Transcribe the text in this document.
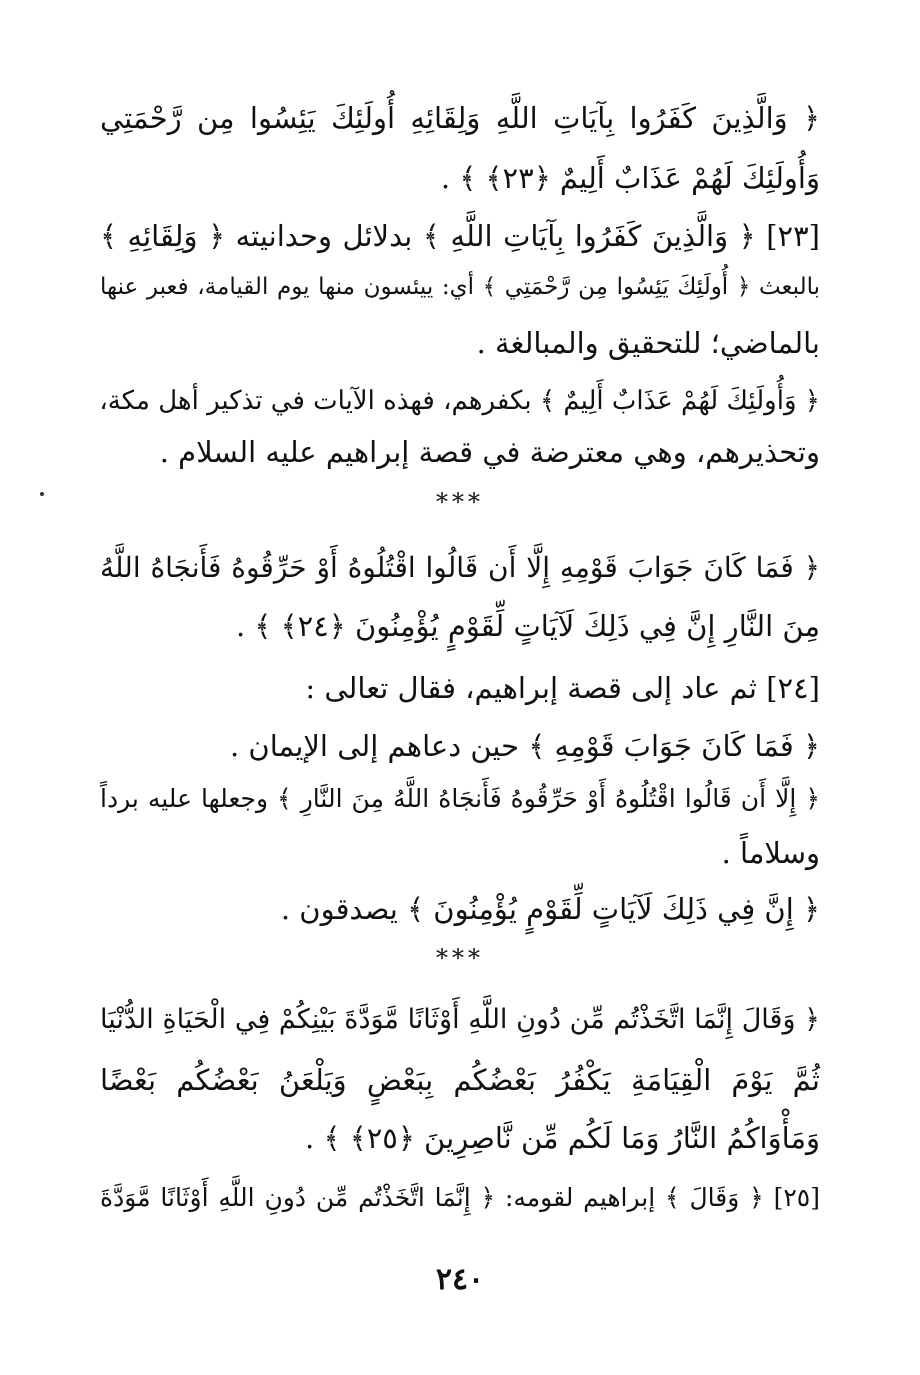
﴿ وَالَّذِينَ كَفَرُوا بِآيَاتِ اللَّهِ وَلِقَائِهِ أُولَئِكَ يَئِسُوا مِن رَّحْمَتِي
وَأُولَئِكَ لَهُمْ عَذَابٌ أَلِيمٌ ﴿٢٣﴾ ﴾ .
[٢٣] ﴿ وَالَّذِينَ كَفَرُوا بِآيَاتِ اللَّهِ ﴾ بدلائل وحدانيته ﴿ وَلِقَائِهِ ﴾
بالبعث ﴿ أُولَئِكَ يَئِسُوا مِن رَّحْمَتِي ﴾ أي: ييئسون منها يوم القيامة، فعبر عنها
بالماضي؛ للتحقيق والمبالغة .
﴿ وَأُولَئِكَ لَهُمْ عَذَابٌ أَلِيمٌ ﴾ بكفرهم، فهذه الآيات في تذكير أهل مكة،
وتحذيرهم، وهي معترضة في قصة إبراهيم عليه السلام .
***
﴿ فَمَا كَانَ جَوَابَ قَوْمِهِ إِلَّا أَن قَالُوا اقْتُلُوهُ أَوْ حَرِّقُوهُ فَأَنجَاهُ اللَّهُ
مِنَ النَّارِ إِنَّ فِي ذَلِكَ لَآيَاتٍ لِّقَوْمٍ يُؤْمِنُونَ ﴿٢٤﴾ ﴾ .
[٢٤] ثم عاد إلى قصة إبراهيم، فقال تعالى :
﴿ فَمَا كَانَ جَوَابَ قَوْمِهِ ﴾ حين دعاهم إلى الإيمان .
﴿ إِلَّا أَن قَالُوا اقْتُلُوهُ أَوْ حَرِّقُوهُ فَأَنجَاهُ اللَّهُ مِنَ النَّارِ ﴾ وجعلها عليه برداً
وسلاماً .
﴿ إِنَّ فِي ذَلِكَ لَآيَاتٍ لِّقَوْمٍ يُؤْمِنُونَ ﴾ يصدقون .
***
﴿ وَقَالَ إِنَّمَا اتَّخَذْتُم مِّن دُونِ اللَّهِ أَوْثَانًا مَّوَدَّةَ بَيْنِكُمْ فِي الْحَيَاةِ الدُّنْيَا
ثُمَّ يَوْمَ الْقِيَامَةِ يَكْفُرُ بَعْضُكُم بِبَعْضٍ وَيَلْعَنُ بَعْضُكُم بَعْضًا
وَمَأْوَاكُمُ النَّارُ وَمَا لَكُم مِّن نَّاصِرِينَ ﴿٢٥﴾ ﴾ .
[٢٥] ﴿ وَقَالَ ﴾ إبراهيم لقومه: ﴿ إِنَّمَا اتَّخَذْتُم مِّن دُونِ اللَّهِ أَوْثَانًا مَّوَدَّةَ
٢٤٠
